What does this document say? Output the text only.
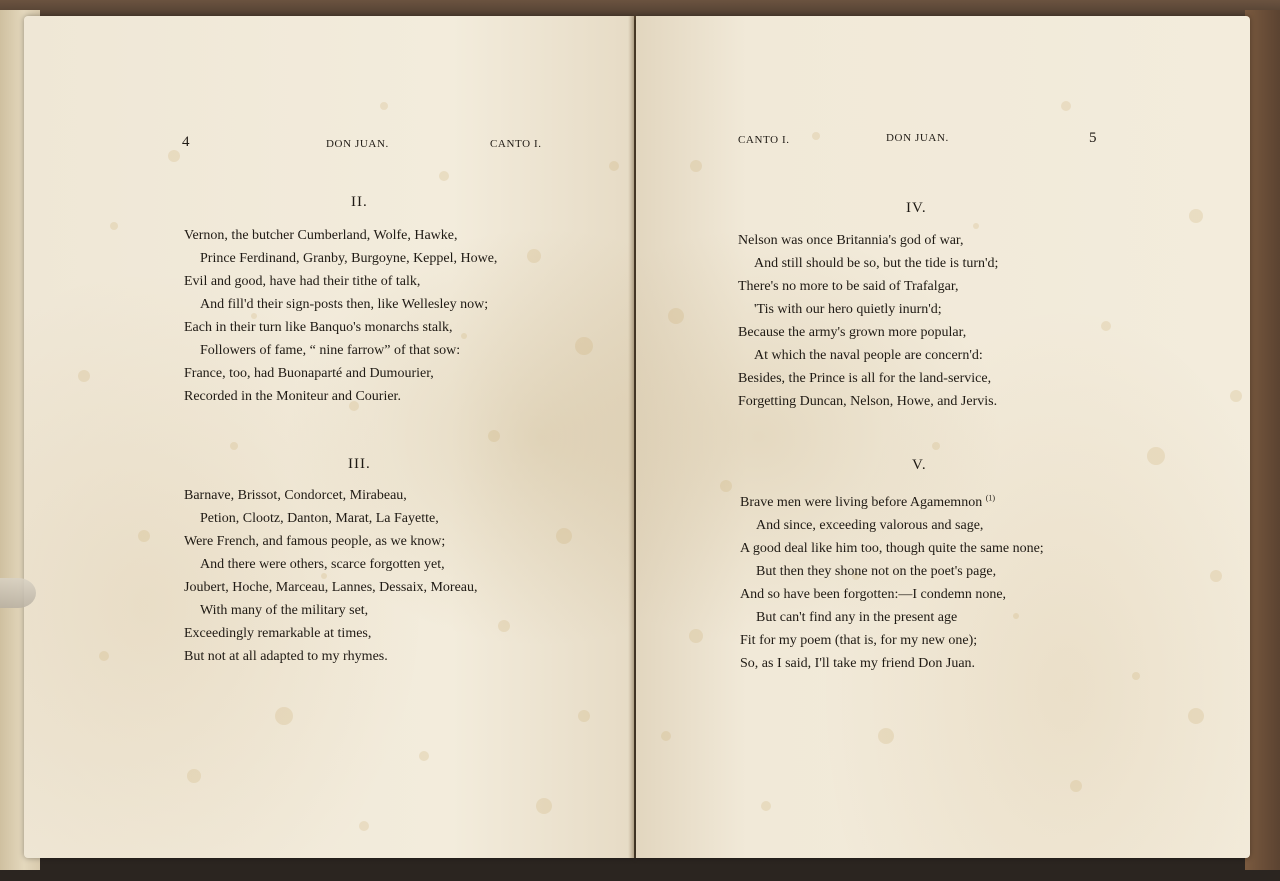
4	DON JUAN.	CANTO I.
II.
Vernon, the butcher Cumberland, Wolfe, Hawke,
Prince Ferdinand, Granby, Burgoyne, Keppel, Howe,
Evil and good, have had their tithe of talk,
And fill'd their sign-posts then, like Wellesley now;
Each in their turn like Banquo's monarchs stalk,
Followers of fame, “ nine farrow” of that sow:
France, too, had Buonaparté and Dumourier,
Recorded in the Moniteur and Courier.
III.
Barnave, Brissot, Condorcet, Mirabeau,
Petion, Clootz, Danton, Marat, La Fayette,
Were French, and famous people, as we know;
And there were others, scarce forgotten yet,
Joubert, Hoche, Marceau, Lannes, Dessaix, Moreau,
With many of the military set,
Exceedingly remarkable at times,
But not at all adapted to my rhymes.
CANTO I.	DON JUAN.	5
IV.
Nelson was once Britannia's god of war,
And still should be so, but the tide is turn'd;
There's no more to be said of Trafalgar,
'Tis with our hero quietly inurn'd;
Because the army's grown more popular,
At which the naval people are concern'd:
Besides, the Prince is all for the land-service,
Forgetting Duncan, Nelson, Howe, and Jervis.
V.
Brave men were living before Agamemnon $^{(1)}$
And since, exceeding valorous and sage,
A good deal like him too, though quite the same none;
But then they shone not on the poet's page,
And so have been forgotten:—I condemn none,
But can't find any in the present age
Fit for my poem (that is, for my new one);
So, as I said, I'll take my friend Don Juan.
